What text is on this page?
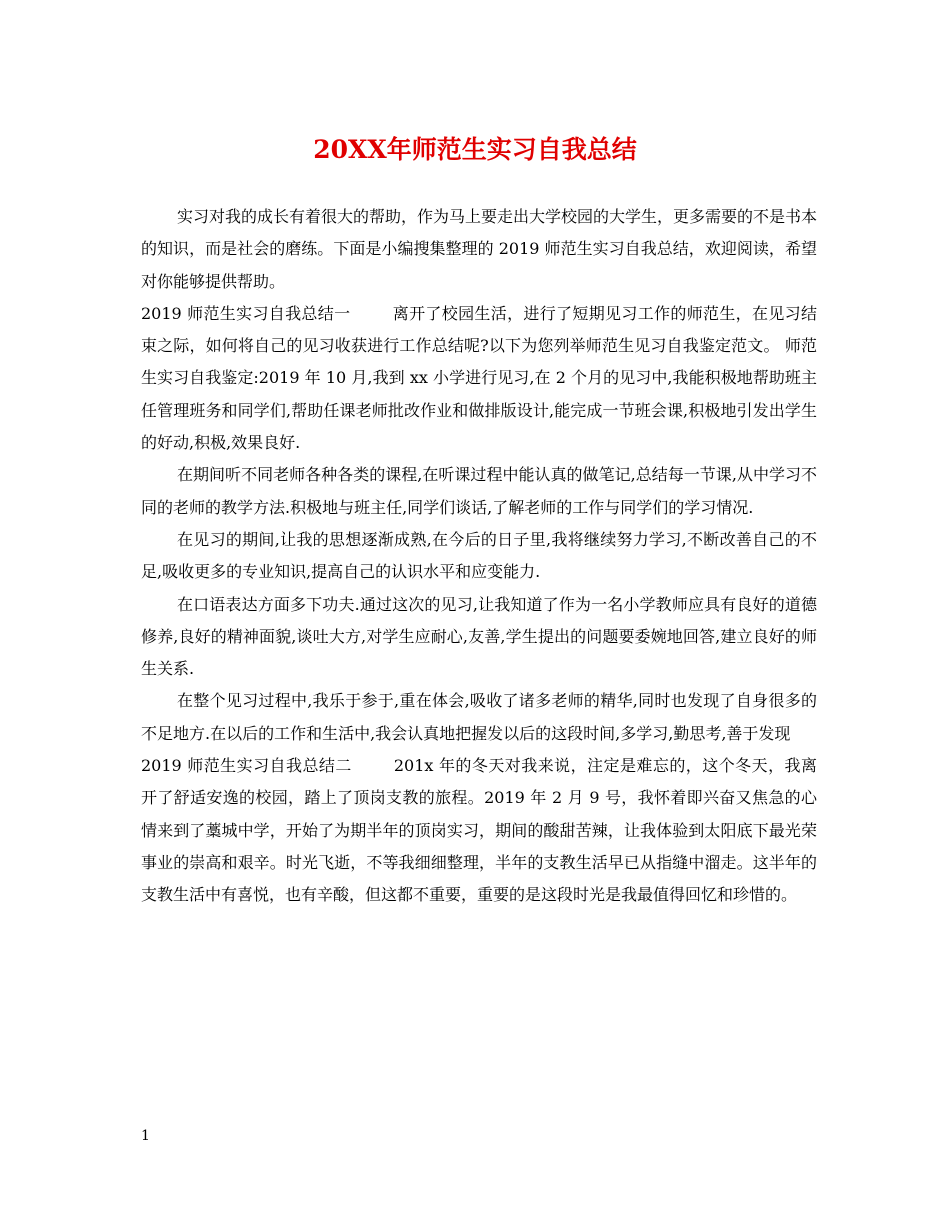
20XX年师范生实习自我总结

实习对我的成长有着很大的帮助，作为马上要走出大学校园的大学生，更多需要的不是书本的知识，而是社会的磨练。下面是小编搜集整理的 2019 师范生实习自我总结，欢迎阅读，希望对你能够提供帮助。

2019 师范生实习自我总结一	离开了校园生活，进行了短期见习工作的师范生，在见习结束之际，如何将自己的见习收获进行工作总结呢?以下为您列举师范生见习自我鉴定范文。 师范生实习自我鉴定:2019 年 10 月,我到 xx 小学进行见习,在 2 个月的见习中,我能积极地帮助班主任管理班务和同学们,帮助任课老师批改作业和做排版设计,能完成一节班会课,积极地引发出学生的好动,积极,效果良好.

在期间听不同老师各种各类的课程,在听课过程中能认真的做笔记,总结每一节课,从中学习不同的老师的教学方法.积极地与班主任,同学们谈话,了解老师的工作与同学们的学习情况.

在见习的期间,让我的思想逐渐成熟,在今后的日子里,我将继续努力学习,不断改善自己的不足,吸收更多的专业知识,提高自己的认识水平和应变能力.

在口语表达方面多下功夫.通过这次的见习,让我知道了作为一名小学教师应具有良好的道德修养,良好的精神面貌,谈吐大方,对学生应耐心,友善,学生提出的问题要委婉地回答,建立良好的师生关系.

在整个见习过程中,我乐于参于,重在体会,吸收了诸多老师的精华,同时也发现了自身很多的不足地方.在以后的工作和生活中,我会认真地把握发以后的这段时间,多学习,勤思考,善于发现

2019 师范生实习自我总结二	201x 年的冬天对我来说，注定是难忘的，这个冬天，我离开了舒适安逸的校园，踏上了顶岗支教的旅程。2019 年 2 月 9 号，我怀着即兴奋又焦急的心情来到了藁城中学，开始了为期半年的顶岗实习，期间的酸甜苦辣，让我体验到太阳底下最光荣事业的崇高和艰辛。时光飞逝，不等我细细整理，半年的支教生活早已从指缝中溜走。这半年的支教生活中有喜悦，也有辛酸，但这都不重要，重要的是这段时光是我最值得回忆和珍惜的。

1
